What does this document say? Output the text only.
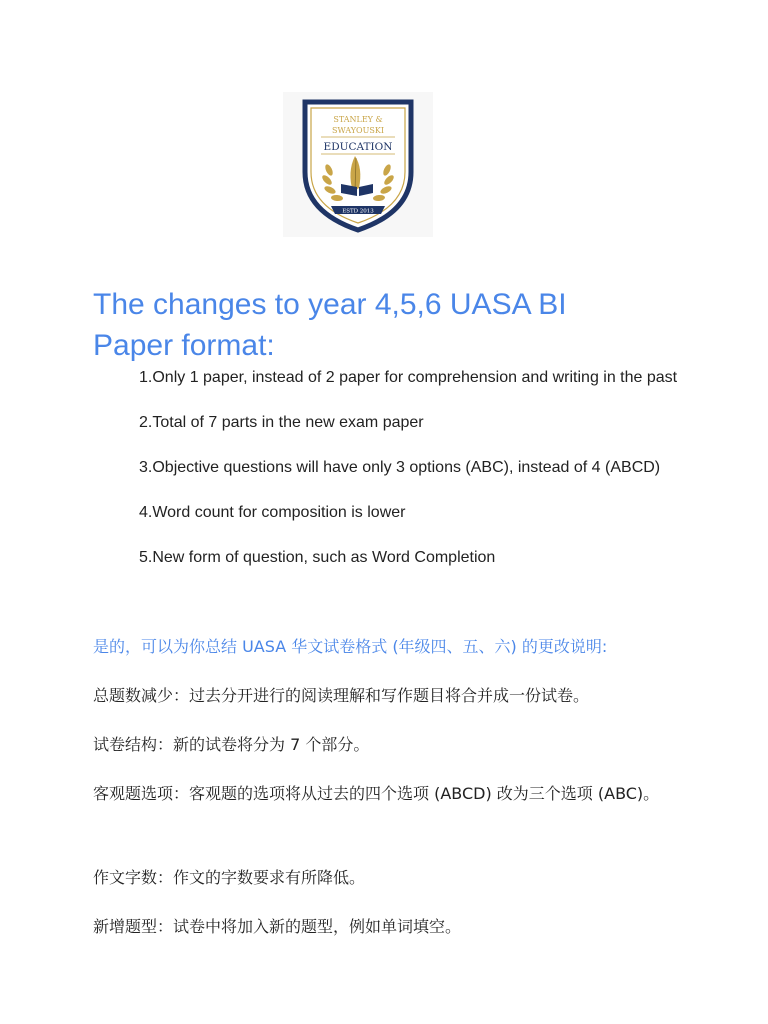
STANLEY &
SWAYOUSKI
EDUCATION
ESTD 2013
The changes to year 4,5,6 UASA BI Paper format:
1.Only 1 paper, instead of 2 paper for comprehension and writing in the past
2.Total of 7 parts in the new exam paper
3.Objective questions will have only 3 options (ABC), instead of 4 (ABCD)
4.Word count for composition is lower
5.New form of question, such as Word Completion

是的，可以为你总结 UASA 华文试卷格式 (年级四、五、六) 的更改说明:

总题数减少：过去分开进行的阅读理解和写作题目将合并成一份试卷。

试卷结构：新的试卷将分为 7 个部分。

客观题选项：客观题的选项将从过去的四个选项 (ABCD) 改为三个选项 (ABC)。

作文字数：作文的字数要求有所降低。

新增题型：试卷中将加入新的题型，例如单词填空。
